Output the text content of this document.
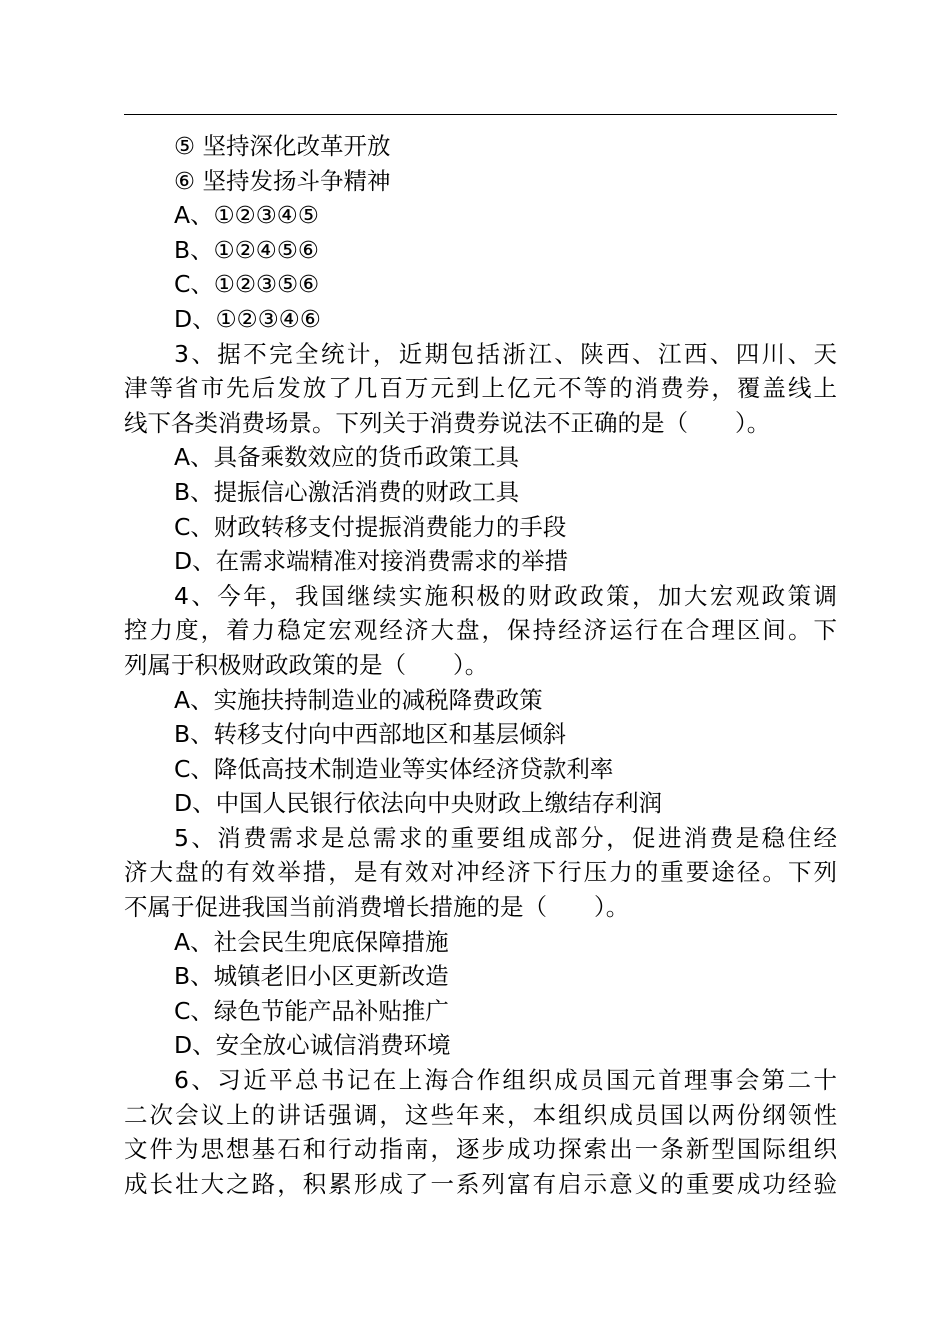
⑤ 坚持深化改革开放
⑥ 坚持发扬斗争精神
A、①②③④⑤
B、①②④⑤⑥
C、①②③⑤⑥
D、①②③④⑥
3、据不完全统计，近期包括浙江、陕西、江西、四川、天
津等省市先后发放了几百万元到上亿元不等的消费券，覆盖线上
线下各类消费场景。下列关于消费券说法不正确的是（　　）。
A、具备乘数效应的货币政策工具
B、提振信心激活消费的财政工具
C、财政转移支付提振消费能力的手段
D、在需求端精准对接消费需求的举措
4、今年，我国继续实施积极的财政政策，加大宏观政策调
控力度，着力稳定宏观经济大盘，保持经济运行在合理区间。下
列属于积极财政政策的是（　　）。
A、实施扶持制造业的减税降费政策
B、转移支付向中西部地区和基层倾斜
C、降低高技术制造业等实体经济贷款利率
D、中国人民银行依法向中央财政上缴结存利润
5、消费需求是总需求的重要组成部分，促进消费是稳住经
济大盘的有效举措，是有效对冲经济下行压力的重要途径。下列
不属于促进我国当前消费增长措施的是（　　）。
A、社会民生兜底保障措施
B、城镇老旧小区更新改造
C、绿色节能产品补贴推广
D、安全放心诚信消费环境
6、习近平总书记在上海合作组织成员国元首理事会第二十
二次会议上的讲话强调，这些年来，本组织成员国以两份纲领性
文件为思想基石和行动指南，逐步成功探索出一条新型国际组织
成长壮大之路，积累形成了一系列富有启示意义的重要成功经验
